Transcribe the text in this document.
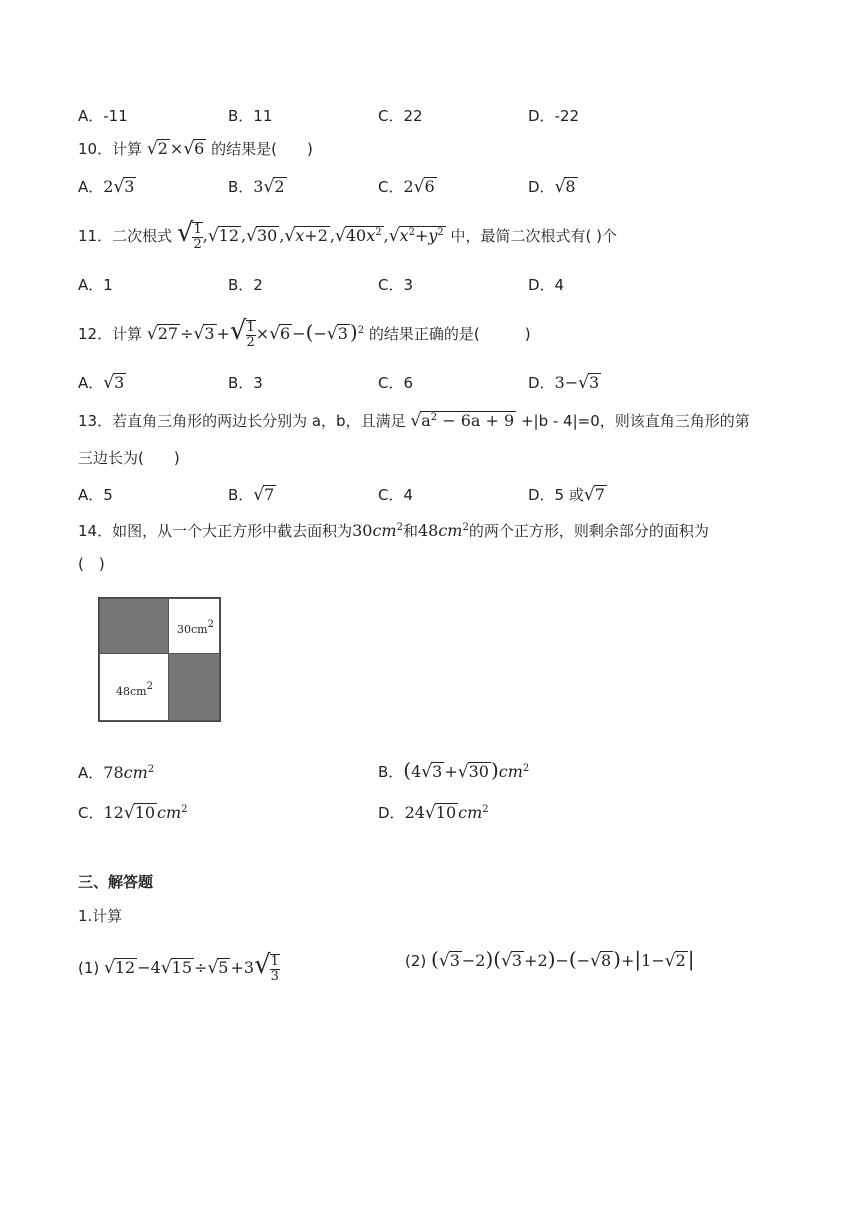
A．-11	B．11	C．22	D．-22
10．计算 √2 ×√6 的结果是(　　)
A．2√3	B．3√2	C．2√6	D．√8
11．二次根式 √ $\frac{1}{2} ,√12$ ,√30 ,√x+2 $,√40x^2$ $,√x^2+y^2$ 中，最简二次根式有( )个
A．1	B．2	C．3	D．4
12．计算 √27 ÷√3 +√ $\frac{1}{2} \times√6 -(-√3$ )$^2$ 的结果正确的是(　　　)
A．√3	B．3	C．6	D．3−√3
13．若直角三角形的两边长分别为 a，b，且满足 $√a^2 - 6a + 9 +|b - 4|=0$，则该直角三角形的第
三边长为(　　)
A．5	B．√7	C．4	D．5 或√7
14．如图，从一个大正方形中截去面积为$30cm^2$和$48cm^2$的两个正方形，则剩余部分的面积为
(　)
$30cm^2$
$48cm^2$
A．$78cm^2$	B．(4√3 +√30 )$cm^2$
C．12√10 $cm^2$	D．24√10 $cm^2$
三、解答题
1.计算
(1) $√12 -4√15 \div√5 +3√ \frac{1}{3}$	(2) (√3 −2)(√3 +2)−(−√8 )+|1−√2 |
